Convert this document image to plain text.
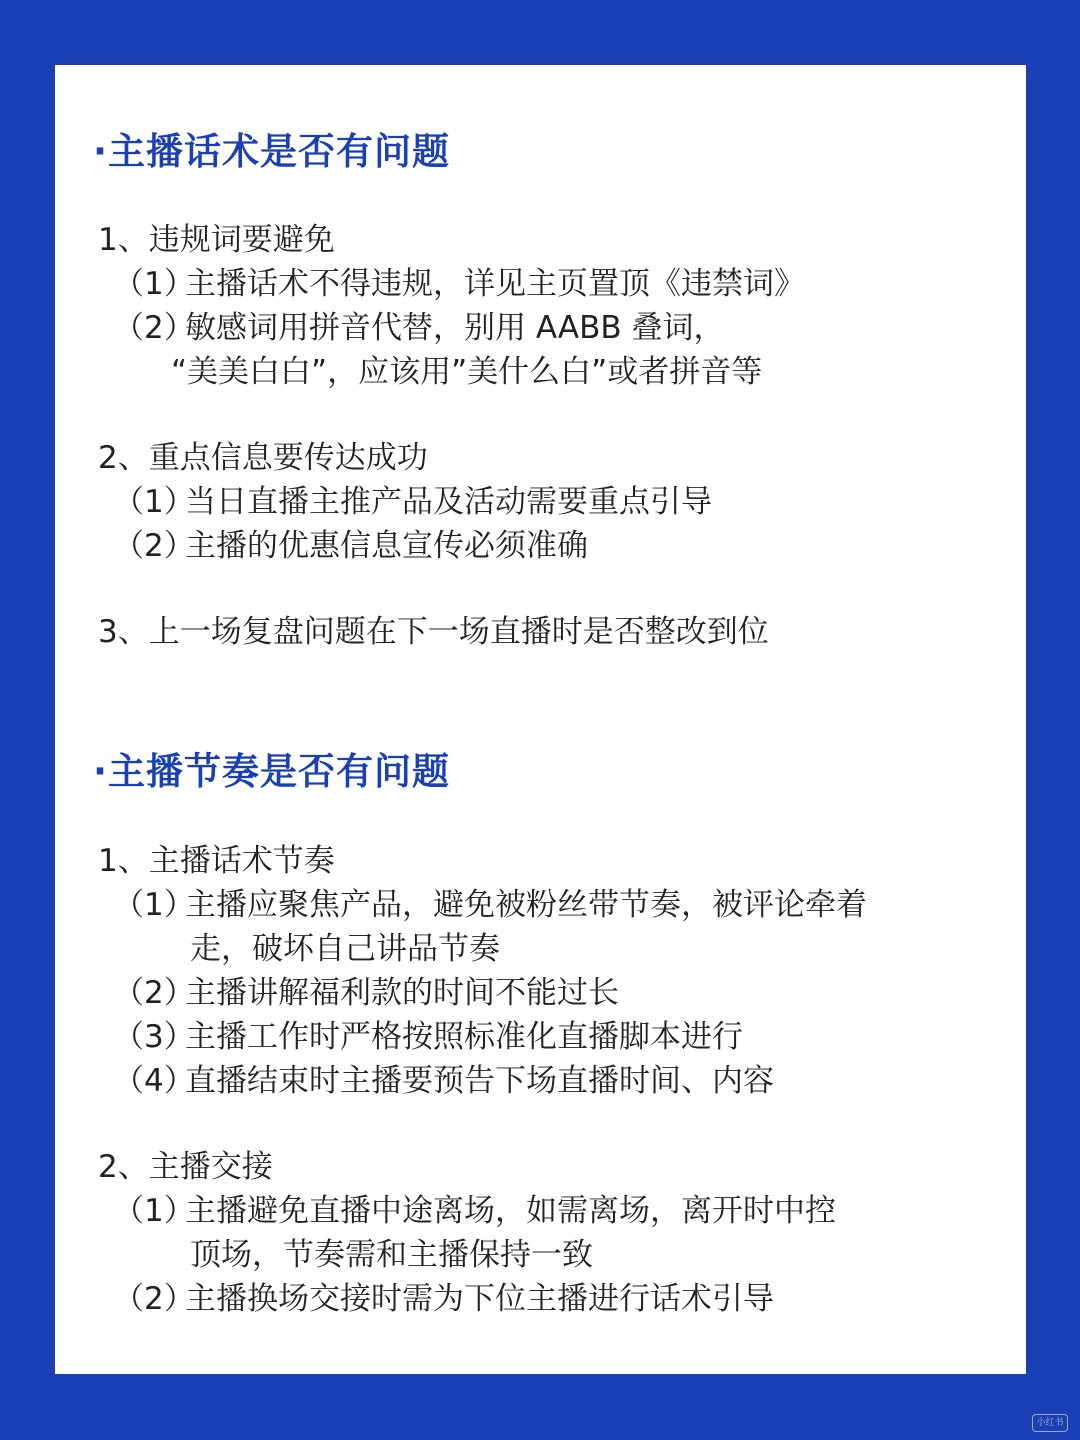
·主播话术是否有问题

1、违规词要避免

（1）主播话术不得违规，详见主页置顶《违禁词》

（2）敏感词用拼音代替，别用 AABB 叠词，

“美美白白”，应该用”美什么白”或者拼音等

2、重点信息要传达成功

（1）当日直播主推产品及活动需要重点引导

（2）主播的优惠信息宣传必须准确

3、上一场复盘问题在下一场直播时是否整改到位

·主播节奏是否有问题

1、主播话术节奏

（1）主播应聚焦产品，避免被粉丝带节奏，被评论牵着

走，破坏自己讲品节奏

（2）主播讲解福利款的时间不能过长

（3）主播工作时严格按照标准化直播脚本进行

（4）直播结束时主播要预告下场直播时间、内容

2、主播交接

（1）主播避免直播中途离场，如需离场，离开时中控

顶场，节奏需和主播保持一致

（2）主播换场交接时需为下位主播进行话术引导

小红书
